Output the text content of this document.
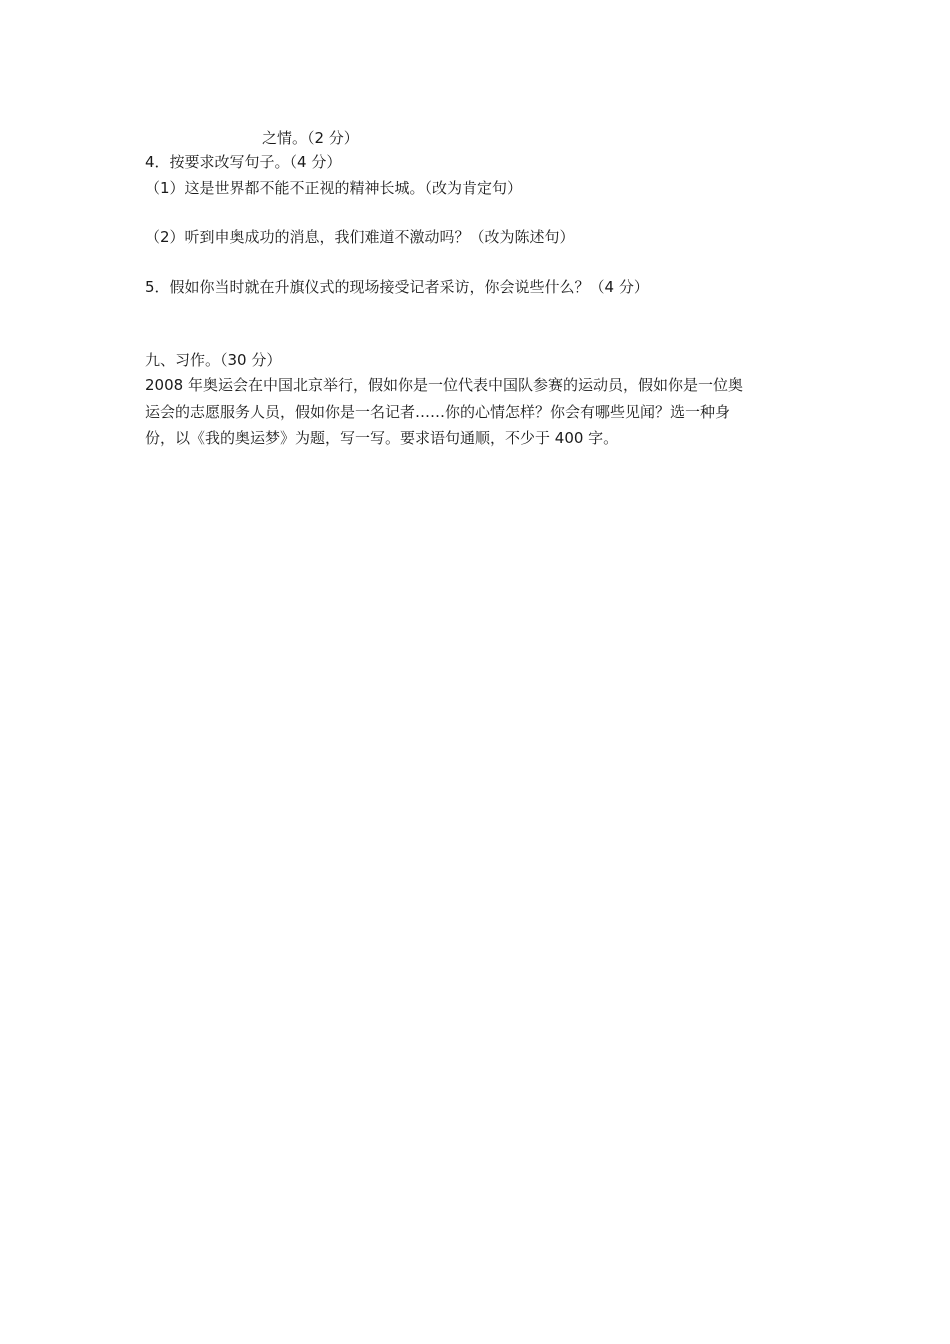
之情。（2 分）
4．按要求改写句子。（4 分）
（1）这是世界都不能不正视的精神长城。（改为肯定句）
（2）听到申奥成功的消息，我们难道不激动吗？（改为陈述句）
5．假如你当时就在升旗仪式的现场接受记者采访，你会说些什么？（4 分）
九、习作。（30 分）
2008 年奥运会在中国北京举行，假如你是一位代表中国队参赛的运动员，假如你是一位奥
运会的志愿服务人员，假如你是一名记者……你的心情怎样？你会有哪些见闻？选一种身
份，以《我的奥运梦》为题，写一写。要求语句通顺，不少于 400 字。
